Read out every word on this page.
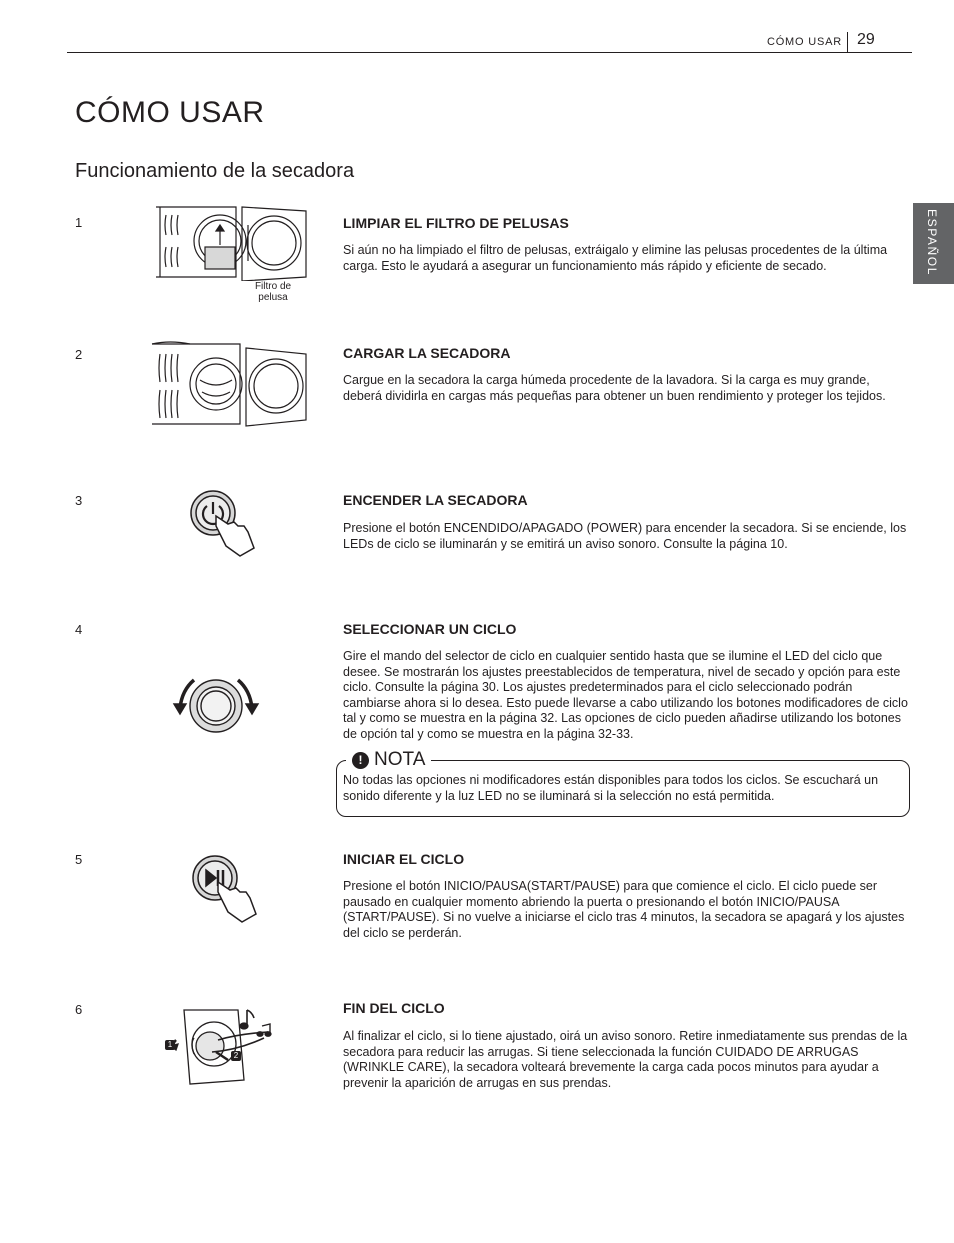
CÓMO USAR 29
CÓMO USAR
Funcionamiento de la secadora
ESPAÑOL
1
Filtro de pelusa
LIMPIAR EL FILTRO DE PELUSAS

Si aún no ha limpiado el filtro de pelusas, extráigalo y elimine las pelusas procedentes de la última carga. Esto le ayudará a asegurar un funcionamiento más rápido y eficiente de secado.

2	CARGAR LA SECADORA

Cargue en la secadora la carga húmeda procedente de la lavadora. Si la carga es muy grande, deberá dividirla en cargas más pequeñas para obtener un buen rendimiento y proteger los tejidos.

3	ENCENDER LA SECADORA

Presione el botón ENCENDIDO/APAGADO (POWER) para encender la secadora. Si se enciende, los LEDs de ciclo se iluminarán y se emitirá un aviso sonoro. Consulte la página 10.

4	SELECCIONAR UN CICLO

Gire el mando del selector de ciclo en cualquier sentido hasta que se ilumine el LED del ciclo que desee. Se mostrarán los ajustes preestablecidos de temperatura, nivel de secado y opción para este ciclo. Consulte la página 30. Los ajustes predeterminados para el ciclo seleccionado podrán cambiarse ahora si lo desea. Esto puede llevarse a cabo utilizando los botones modificadores de ciclo tal y como se muestra en la página 32. Las opciones de ciclo pueden añadirse utilizando los botones de opción tal y como se muestra en la página 32-33.

! NOTA

No todas las opciones ni modificadores están disponibles para todos los ciclos. Se escuchará un sonido diferente y la luz LED no se iluminará si la selección no está permitida.

5	INICIAR EL CICLO

Presione el botón INICIO/PAUSA(START/PAUSE) para que comience el ciclo. El ciclo puede ser pausado en cualquier momento abriendo la puerta o presionando el botón INICIO/PAUSA (START/PAUSE). Si no vuelve a iniciarse el ciclo tras 4 minutos, la secadora se apagará y los ajustes del ciclo se perderán.

6
1
2
FIN DEL CICLO

Al finalizar el ciclo, si lo tiene ajustado, oirá un aviso sonoro. Retire inmediatamente sus prendas de la secadora para reducir las arrugas. Si tiene seleccionada la función CUIDADO DE ARRUGAS (WRINKLE CARE), la secadora volteará brevemente la carga cada pocos minutos para ayudar a prevenir la aparición de arrugas en sus prendas.
